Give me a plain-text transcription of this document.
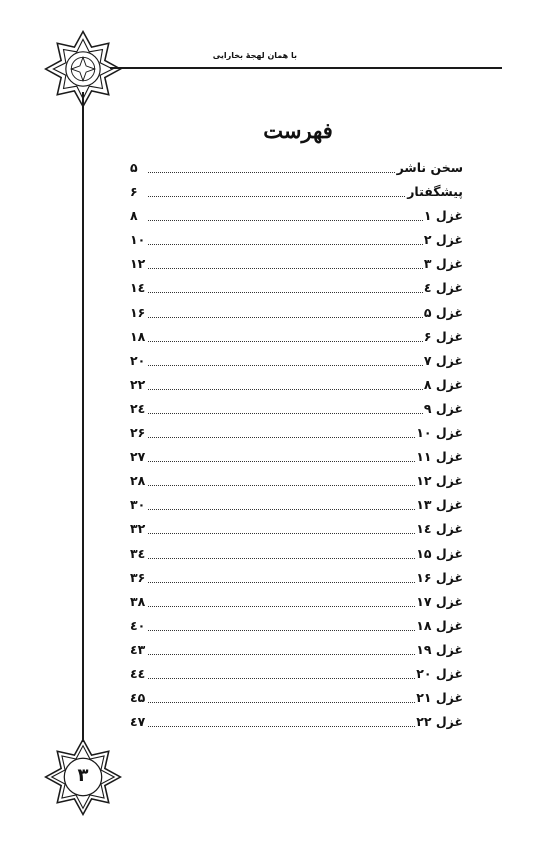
با همان لهجهٔ بخارایی
۳
فهرست
سخن ناشر
۵
پیشگفتار
۶
غزل ۱
۸
غزل ۲
۱۰
غزل ۳
۱۲
غزل ٤
۱٤
غزل ۵
۱۶
غزل ۶
۱۸
غزل ۷
۲۰
غزل ۸
۲۲
غزل ۹
۲٤
غزل ۱۰
۲۶
غزل ۱۱
۲۷
غزل ۱۲
۲۸
غزل ۱۳
۳۰
غزل ۱٤
۳۲
غزل ۱۵
۳٤
غزل ۱۶
۳۶
غزل ۱۷
۳۸
غزل ۱۸
٤۰
غزل ۱۹
٤۳
غزل ۲۰
٤٤
غزل ۲۱
٤۵
غزل ۲۲
٤۷
